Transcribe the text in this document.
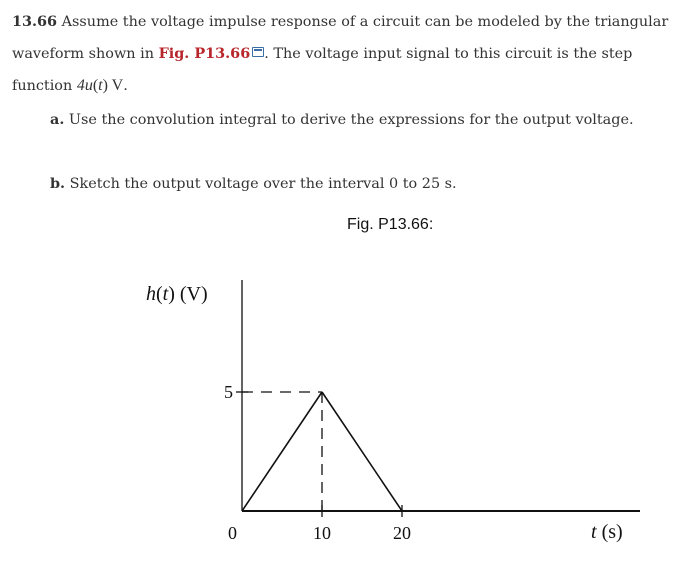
13.66 Assume the voltage impulse response of a circuit can be modeled by the triangular waveform shown in Fig. P13.66 . The voltage input signal to this circuit is the step function 4u(t) V.
a. Use the convolution integral to derive the expressions for the output voltage.
b. Sketch the output voltage over the interval 0 to 25 s.
Fig. P13.66:
5
0	10	20
h(t) (V)
t (s)
